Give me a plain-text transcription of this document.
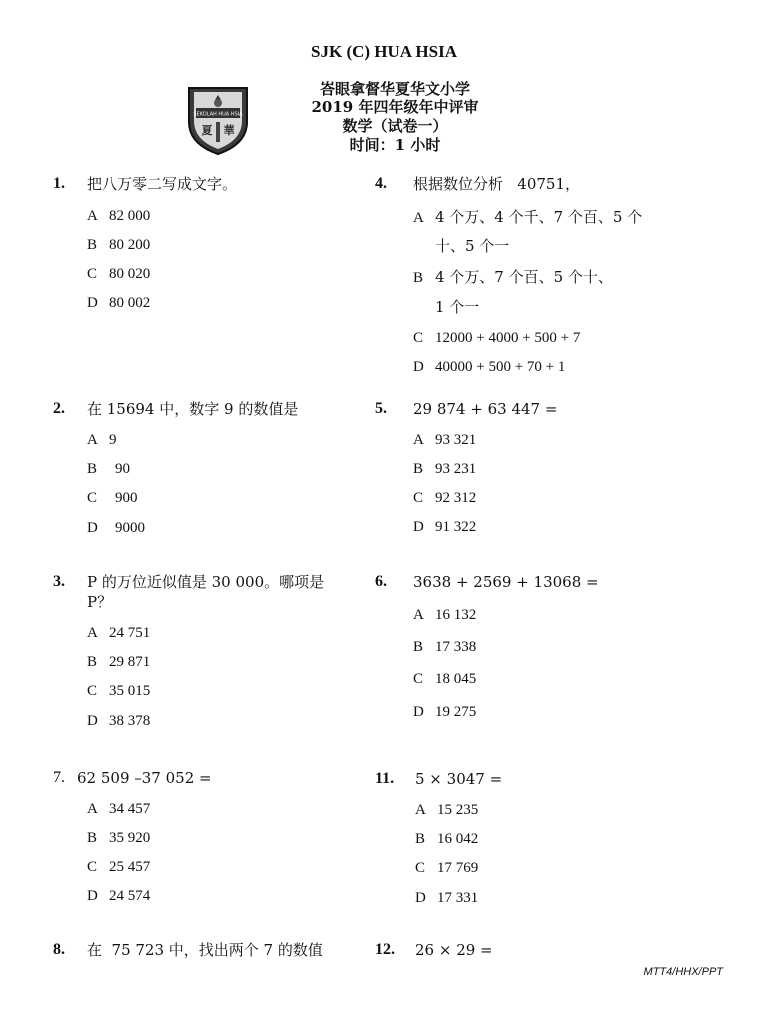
SJK (C) HUA HSIA
SEKOLAH HUA HSIA
夏 華
峇眼拿督华夏华文小学
2019 年四年级年中评审
数学（试卷一）
时间：1 小时
1. 把八万零二写成文字。
A 82 000
B 80 200
C 80 020
D 80 002
4. 根据数位分析   40751，
A 4 个万、4 个千、7 个百、5 个
十、5 个一
B 4 个万、7 个百、5 个十、
1 个一
C 12000 + 4000 + 500 + 7
D 40000 + 500 + 70 + 1
2. 在 15694 中，数字 9 的数值是
A 9
B 90
C 900
D 9000
5. 29 874 + 63 447 =
A 93 321
B 93 231
C 92 312
D 91 322
3. P 的万位近似值是 30 000。哪项是
P？
A 24 751
B 29 871
C 35 015
D 38 378
6. 3638 + 2569 + 13068 =
A 16 132
B 17 338
C 18 045
D 19 275
7. 62 509 –37 052 =
A 34 457
B 35 920
C 25 457
D 24 574
11. 5 × 3047 =
A 15 235
B 16 042
C 17 769
D 17 331
8. 在  75 723 中，找出两个 7 的数值	12. 26 × 29 =
MTT4/HHX/PPT
